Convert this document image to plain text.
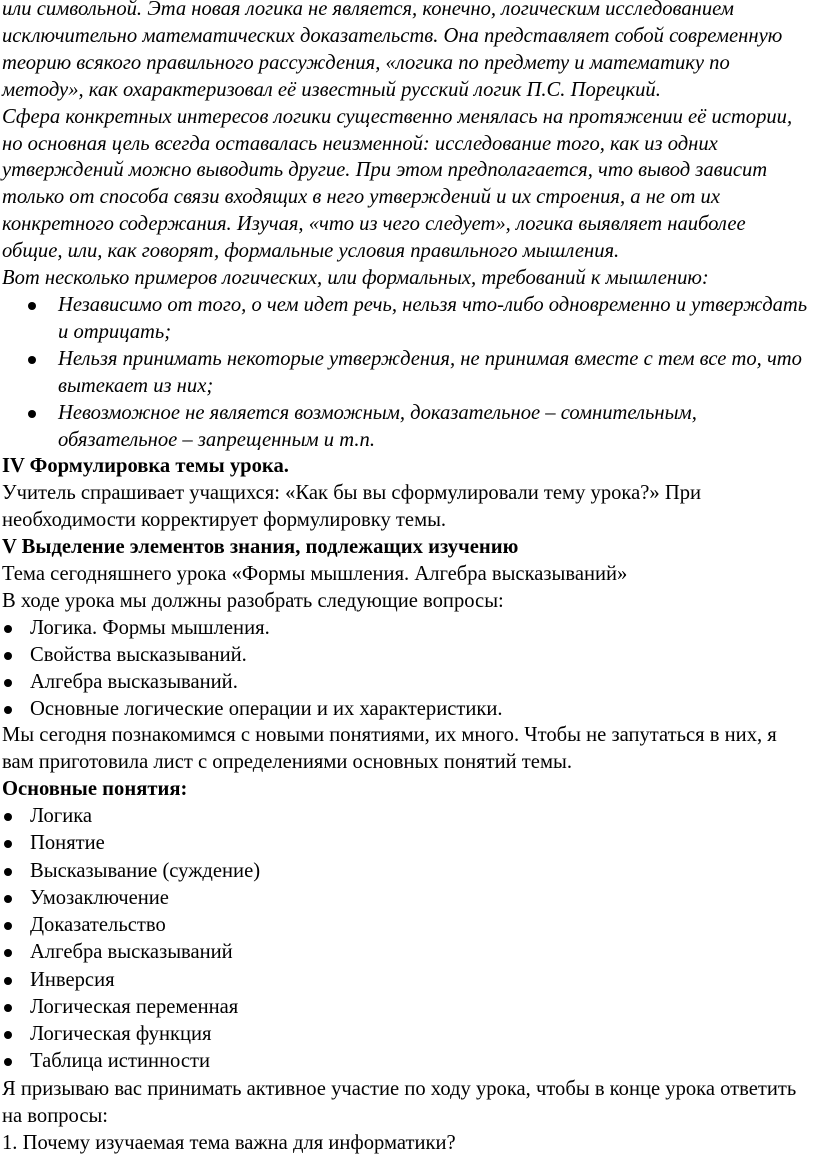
или символьной. Эта новая логика не является, конечно, логическим исследованием исключительно математических доказательств. Она представляет собой современную теорию всякого правильного рассуждения, «логика по предмету и математику по методу», как охарактеризовал её известный русский логик П.С. Порецкий.

Сфера конкретных интересов логики существенно менялась на протяжении её истории, но основная цель всегда оставалась неизменной: исследование того, как из одних утверждений можно выводить другие. При этом предполагается, что вывод зависит только от способа связи входящих в него утверждений и их строения, а не от их конкретного содержания. Изучая, «что из чего следует», логика выявляет наиболее общие, или, как говорят, формальные условия правильного мышления.

Вот несколько примеров логических, или формальных, требований к мышлению:

Независимо от того, о чем идет речь, нельзя что-либо одновременно и утверждать и отрицать;
Нельзя принимать некоторые утверждения, не принимая вместе с тем все то, что вытекает из них;
Невозможное не является возможным, доказательное – сомнительным, обязательное – запрещенным и т.п.

IV Формулировка темы урока.

Учитель спрашивает учащихся: «Как бы вы сформулировали тему урока?» При необходимости корректирует формулировку темы.

V Выделение элементов знания, подлежащих изучению

Тема сегодняшнего урока «Формы мышления. Алгебра высказываний»

В ходе урока мы должны разобрать следующие вопросы:

Логика. Формы мышления.
Свойства высказываний.
Алгебра высказываний.
Основные логические операции и их характеристики.

Мы сегодня познакомимся с новыми понятиями, их много. Чтобы не запутаться в них, я вам приготовила лист с определениями основных понятий темы.

Основные понятия:

Логика
Понятие
Высказывание (суждение)
Умозаключение
Доказательство
Алгебра высказываний
Инверсия
Логическая переменная
Логическая функция
Таблица истинности

Я призываю вас принимать активное участие по ходу урока, чтобы в конце урока ответить на вопросы:

1. Почему изучаемая тема важна для информатики?
